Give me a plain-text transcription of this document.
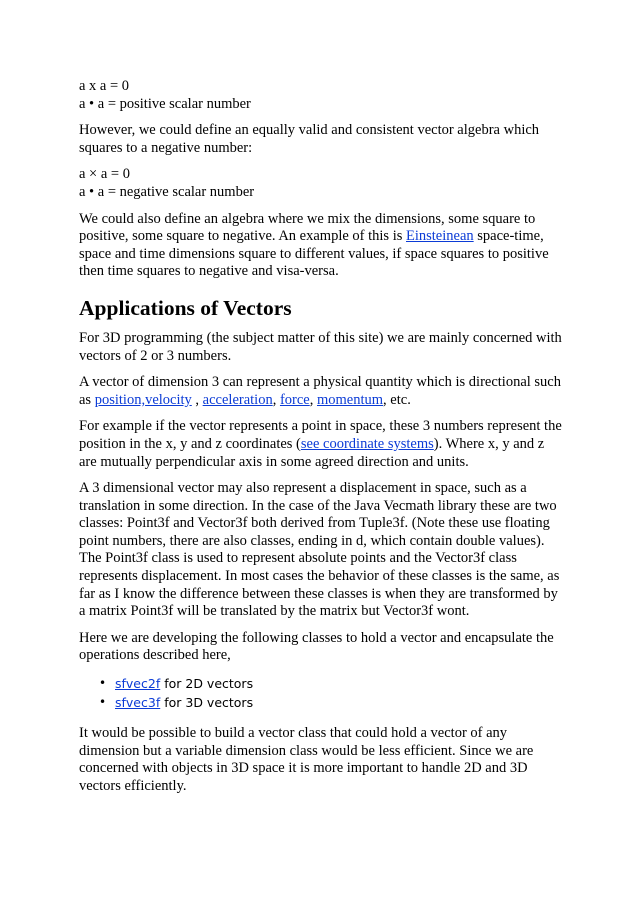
a x a = 0
a • a = positive scalar number

However, we could define an equally valid and consistent vector algebra which
squares to a negative number:

a × a = 0
a • a = negative scalar number

We could also define an algebra where we mix the dimensions, some square to
positive, some square to negative. An example of this is Einsteinean space-time,
space and time dimensions square to different values, if space squares to positive
then time squares to negative and visa-versa.

Applications of Vectors

For 3D programming (the subject matter of this site) we are mainly concerned with
vectors of 2 or 3 numbers.

A vector of dimension 3 can represent a physical quantity which is directional such
as position,velocity , acceleration, force, momentum, etc.

For example if the vector represents a point in space, these 3 numbers represent the
position in the x, y and z coordinates (see coordinate systems). Where x, y and z
are mutually perpendicular axis in some agreed direction and units.

A 3 dimensional vector may also represent a displacement in space, such as a
translation in some direction. In the case of the Java Vecmath library these are two
classes: Point3f and Vector3f both derived from Tuple3f. (Note these use floating
point numbers, there are also classes, ending in d, which contain double values).
The Point3f class is used to represent absolute points and the Vector3f class
represents displacement. In most cases the behavior of these classes is the same, as
far as I know the difference between these classes is when they are transformed by
a matrix Point3f will be translated by the matrix but Vector3f wont.

Here we are developing the following classes to hold a vector and encapsulate the
operations described here,

• sfvec2f for 2D vectors
• sfvec3f for 3D vectors

It would be possible to build a vector class that could hold a vector of any
dimension but a variable dimension class would be less efficient. Since we are
concerned with objects in 3D space it is more important to handle 2D and 3D
vectors efficiently.
